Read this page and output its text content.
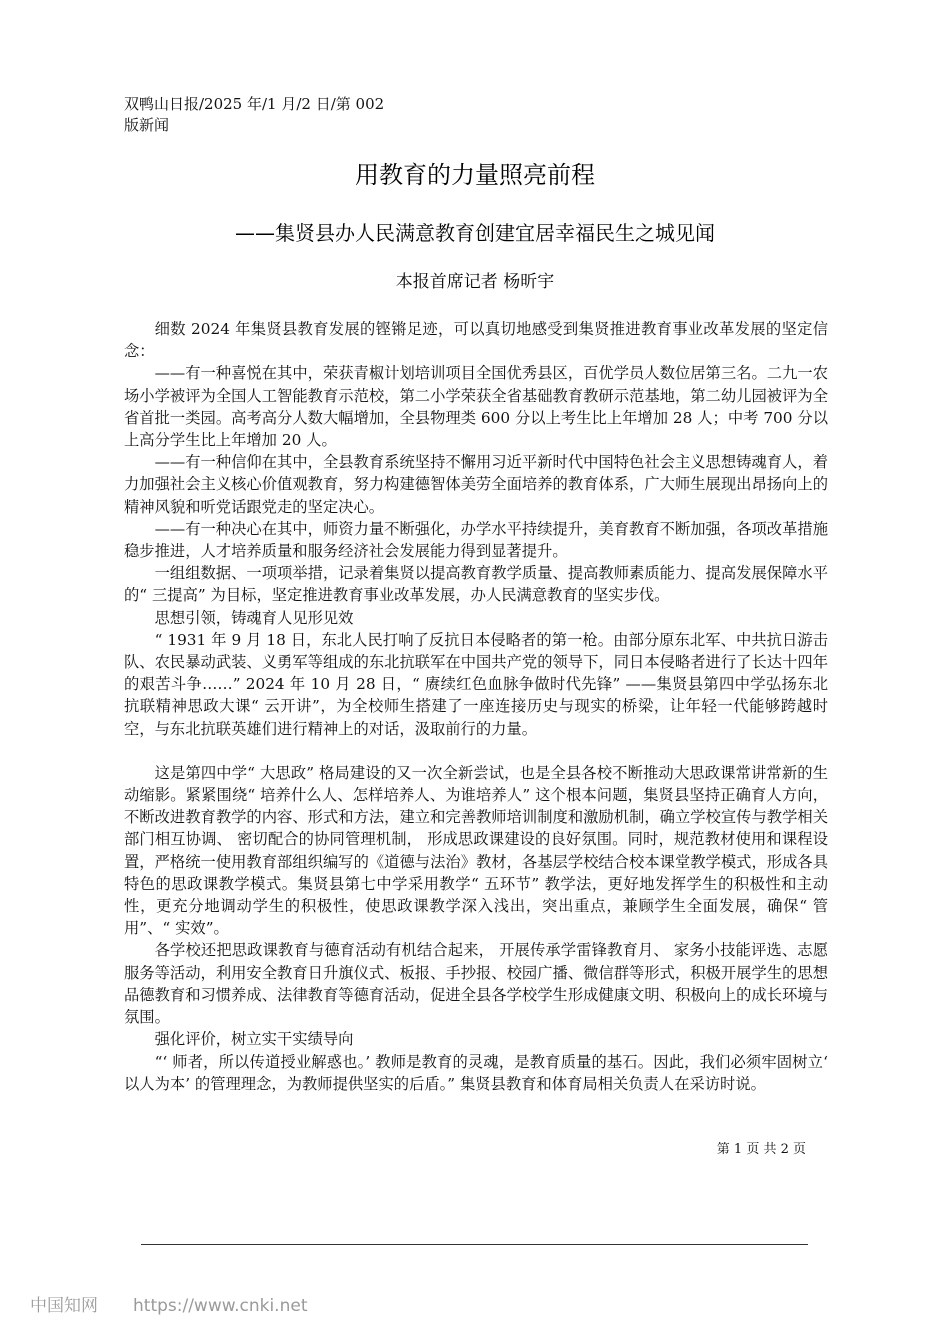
双鸭山日报/2025 年/1 月/2 日/第 002 版新闻
用教育的力量照亮前程
——集贤县办人民满意教育创建宜居幸福民生之城见闻
本报首席记者 杨昕宇

细数 2024 年集贤县教育发展的铿锵足迹，可以真切地感受到集贤推进教育事业改革发展的坚定信念：

——有一种喜悦在其中，荣获青椒计划培训项目全国优秀县区，百优学员人数位居第三名。二九一农场小学被评为全国人工智能教育示范校，第二小学荣获全省基础教育教研示范基地，第二幼儿园被评为全省首批一类园。高考高分人数大幅增加，全县物理类 600 分以上考生比上年增加 28 人；中考 700 分以上高分学生比上年增加 20 人。

——有一种信仰在其中，全县教育系统坚持不懈用习近平新时代中国特色社会主义思想铸魂育人，着力加强社会主义核心价值观教育，努力构建德智体美劳全面培养的教育体系，广大师生展现出昂扬向上的精神风貌和听党话跟党走的坚定决心。

——有一种决心在其中，师资力量不断强化，办学水平持续提升，美育教育不断加强，各项改革措施稳步推进，人才培养质量和服务经济社会发展能力得到显著提升。

一组组数据、一项项举措，记录着集贤以提高教育教学质量、提高教师素质能力、提高发展保障水平的“ 三提高” 为目标，坚定推进教育事业改革发展，办人民满意教育的坚实步伐。

思想引领，铸魂育人见形见效

“ 1931 年 9 月 18 日，东北人民打响了反抗日本侵略者的第一枪。由部分原东北军、中共抗日游击队、农民暴动武装、义勇军等组成的东北抗联军在中国共产党的领导下，同日本侵略者进行了长达十四年的艰苦斗争……” 2024 年 10 月 28 日，“ 赓续红色血脉争做时代先锋” ——集贤县第四中学弘扬东北抗联精神思政大课“ 云开讲”，为全校师生搭建了一座连接历史与现实的桥梁，让年轻一代能够跨越时空，与东北抗联英雄们进行精神上的对话，汲取前行的力量。

这是第四中学“ 大思政” 格局建设的又一次全新尝试，也是全县各校不断推动大思政课常讲常新的生动缩影。紧紧围绕“ 培养什么人、怎样培养人、为谁培养人” 这个根本问题，集贤县坚持正确育人方向，不断改进教育教学的内容、形式和方法，建立和完善教师培训制度和激励机制，确立学校宣传与教学相关部门相互协调、 密切配合的协同管理机制， 形成思政课建设的良好氛围。同时，规范教材使用和课程设置，严格统一使用教育部组织编写的《道德与法治》教材，各基层学校结合校本课堂教学模式，形成各具特色的思政课教学模式。集贤县第七中学采用教学“ 五环节” 教学法，更好地发挥学生的积极性和主动性，更充分地调动学生的积极性，使思政课教学深入浅出，突出重点，兼顾学生全面发展，确保“ 管用”、“ 实效”。

各学校还把思政课教育与德育活动有机结合起来， 开展传承学雷锋教育月、 家务小技能评选、志愿服务等活动，利用安全教育日升旗仪式、板报、手抄报、校园广播、微信群等形式，积极开展学生的思想品德教育和习惯养成、法律教育等德育活动，促进全县各学校学生形成健康文明、积极向上的成长环境与氛围。

强化评价，树立实干实绩导向

“‘ 师者，所以传道授业解惑也。’ 教师是教育的灵魂，是教育质量的基石。因此，我们必须牢固树立‘ 以人为本’ 的管理理念，为教师提供坚实的后盾。” 集贤县教育和体育局相关负责人在采访时说。

第 1 页 共 2 页
中国知网 https://www.cnki.net
